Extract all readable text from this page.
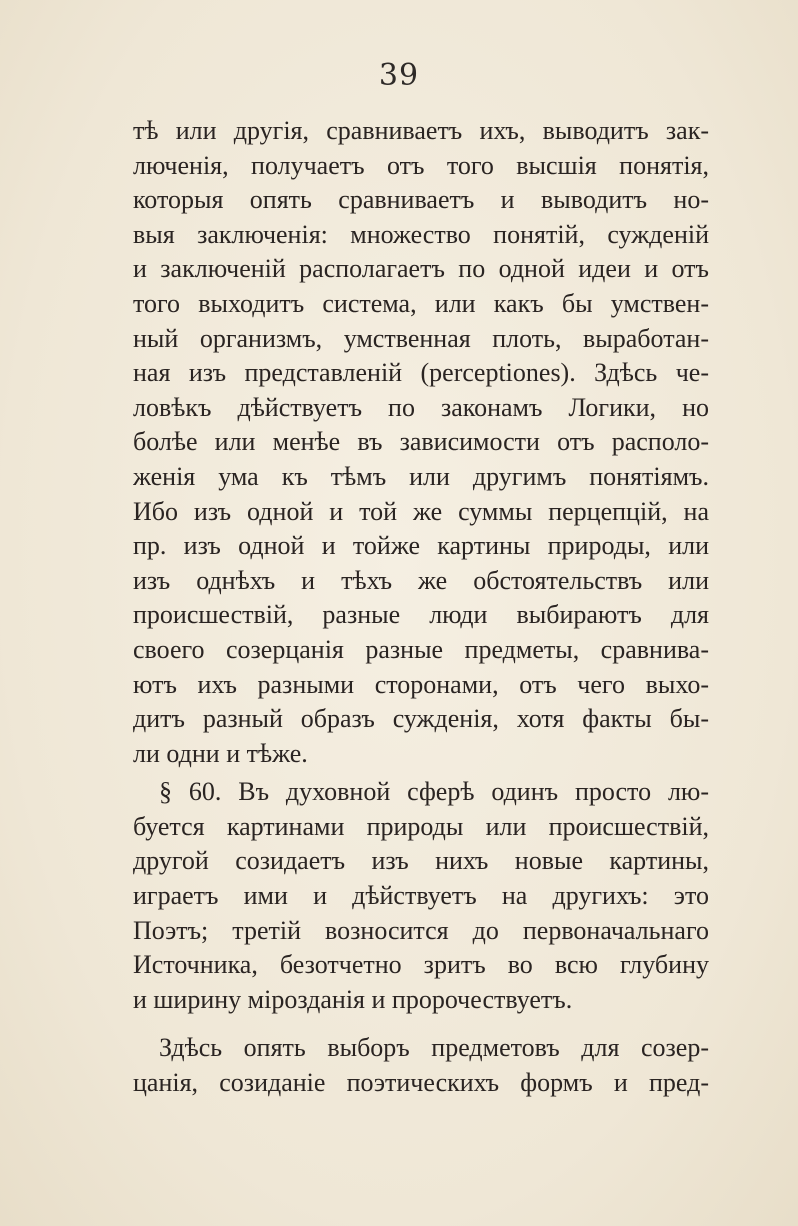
39
тѣ или другія, сравниваетъ ихъ, выводитъ зак-
люченія, получаетъ отъ того высшія понятія,
которыя опять сравниваетъ и выводитъ но-
выя заключенія: множество понятій, сужденій
и заключеній располагаетъ по одной идеи и отъ
того выходитъ система, или какъ бы умствен-
ный организмъ, умственная плоть, выработан-
ная изъ представленій (perceptiones). Здѣсь че-
ловѣкъ дѣйствуетъ по законамъ Логики, но
болѣе или менѣе въ зависимости отъ располо-
женія ума къ тѣмъ или другимъ понятіямъ.
Ибо изъ одной и той же суммы перцепцій, на
пр. изъ одной и тойже картины природы, или
изъ однѣхъ и тѣхъ же обстоятельствъ или
происшествій, разные люди выбираютъ для
своего созерцанія разные предметы, сравнива-
ютъ ихъ разными сторонами, отъ чего выхо-
дитъ разный образъ сужденія, хотя факты бы-
ли одни и тѣже.
§ 60. Въ духовной сферѣ одинъ просто лю-
буется картинами природы или происшествій,
другой созидаетъ изъ нихъ новые картины,
играетъ ими и дѣйствуетъ на другихъ: это
Поэтъ; третій возносится до первоначальнаго
Источника, безотчетно зритъ во всю глубину
и ширину мірозданія и пророчествуетъ.
Здѣсь опять выборъ предметовъ для созер-
цанія, созиданіе поэтическихъ формъ и пред-
